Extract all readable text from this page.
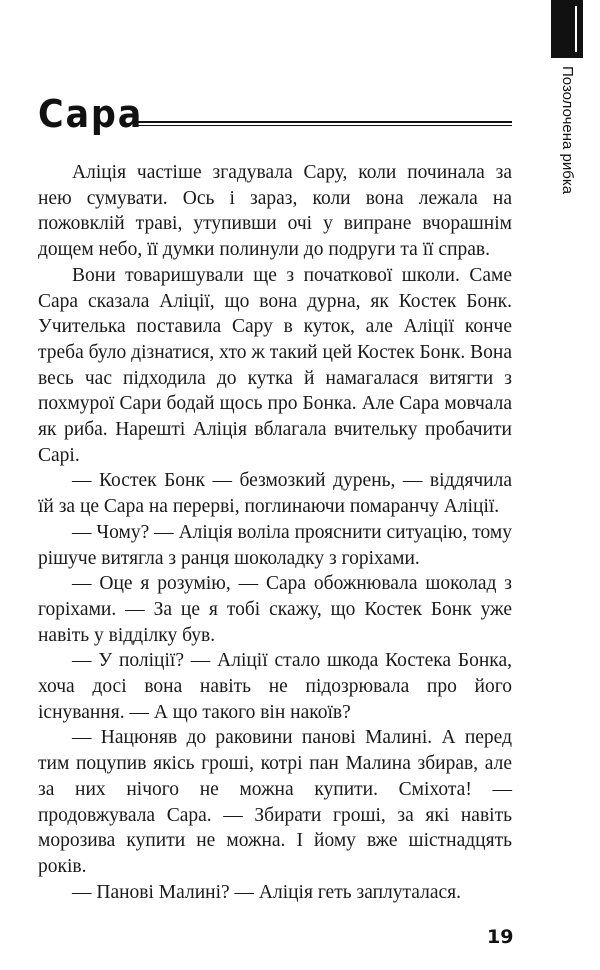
Позолочена рибка
Сара

Аліція частіше згадувала Сару, коли починала за нею сумувати. Ось і зараз, коли вона лежала на пожовклій траві, утупивши очі у випране вчорашнім дощем небо, її думки полинули до подруги та її справ.

Вони товаришували ще з початкової школи. Саме Сара сказала Аліції, що вона дурна, як Костек Бонк. Учителька поставила Сару в куток, але Аліції конче треба було дізнатися, хто ж такий цей Костек Бонк. Вона весь час підходила до кутка й намагалася витягти з похмурої Сари бодай щось про Бонка. Але Сара мовчала як риба. Нарешті Аліція вблагала вчительку пробачити Сарі.

— Костек Бонк — безмозкий дурень, — віддячила їй за це Сара на перерві, поглинаючи помаранчу Аліції.

— Чому? — Аліція воліла прояснити ситуацію, тому рішуче витягла з ранця шоколадку з горіхами.

— Оце я розумію, — Сара обожнювала шоколад з горіхами. — За це я тобі скажу, що Костек Бонк уже навіть у відділку був.

— У поліції? — Аліції стало шкода Костека Бонка, хоча досі вона навіть не підозрювала про його існування. — А що такого він накоїв?

— Нацюняв до раковини панові Малині. А перед тим поцупив якісь гроші, котрі пан Малина збирав, але за них нічого не можна купити. Сміхота! — продовжувала Сара. — Збирати гроші, за які навіть морозива купити не можна. І йому вже шістнадцять років.

— Панові Малині? — Аліція геть заплуталася.

19
